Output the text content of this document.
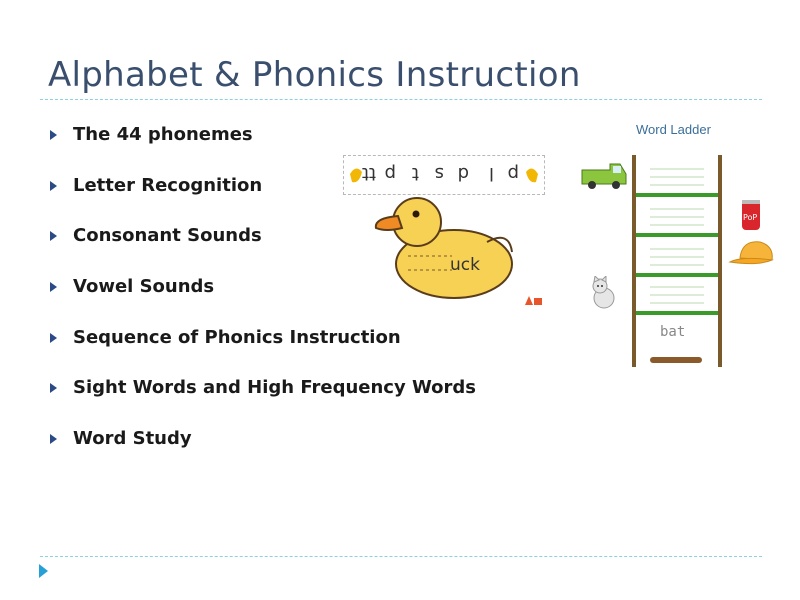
Alphabet & Phonics Instruction
The 44 phonemes
Letter Recognition
Consonant Sounds
Vowel Sounds
Sequence of Phonics Instruction
Sight Words and High Frequency Words
Word Study
p
l
d
s
t
p
tt
uck
Word Ladder
bat
PoP
